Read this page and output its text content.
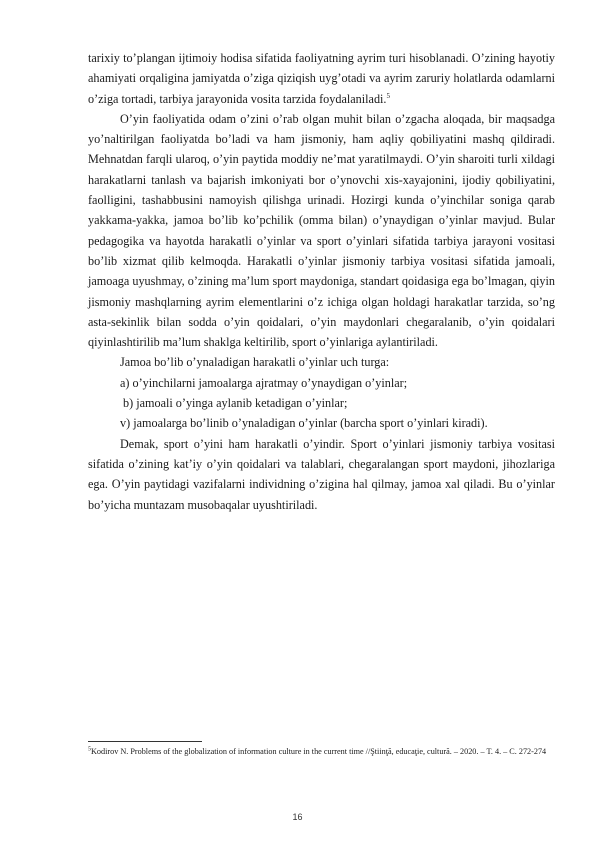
tarixiy to’plangan ijtimoiy hodisa sifatida faoliyatning ayrim turi hisoblanadi. O’zining hayotiy ahamiyati orqaligina jamiyatda o’ziga qiziqish uyg’otadi va ayrim zaruriy holatlarda odamlarni o’ziga tortadi, tarbiya jarayonida vosita tarzida foydalaniladi.$^5$

O’yin faoliyatida odam o’zini o’rab olgan muhit bilan o’zgacha aloqada, bir maqsadga yo’naltirilgan faoliyatda bo’ladi va ham jismoniy, ham aqliy qobiliyatini mashq qildiradi. Mehnatdan farqli ularoq, o’yin paytida moddiy ne’mat yaratilmaydi. O’yin sharoiti turli xildagi harakatlarni tanlash va bajarish imkoniyati bor o’ynovchi xis-xayajonini, ijodiy qobiliyatini, faolligini, tashabbusini namoyish qilishga urinadi. Hozirgi kunda o’yinchilar soniga qarab yakkama-yakka, jamoa bo’lib ko’pchilik (omma bilan) o’ynaydigan o’yinlar mavjud. Bular pedagogika va hayotda harakatli o’yinlar va sport o’yinlari sifatida tarbiya jarayoni vositasi bo’lib xizmat qilib kelmoqda. Harakatli o’yinlar jismoniy tarbiya vositasi sifatida jamoali, jamoaga uyushmay, o’zining ma’lum sport maydoniga, standart qoidasiga ega bo’lmagan, qiyin jismoniy mashqlarning ayrim elementlarini o’z ichiga olgan holdagi harakatlar tarzida, so’ng asta-sekinlik bilan sodda o’yin qoidalari, o’yin maydonlari chegaralanib, o’yin qoidalari qiyinlashtirilib ma’lum shaklga keltirilib, sport o’yinlariga aylantiriladi.

Jamoa bo’lib o’ynaladigan harakatli o’yinlar uch turga:

a) o’yinchilarni jamoalarga ajratmay o’ynaydigan o’yinlar;

b) jamoali o’yinga aylanib ketadigan o’yinlar;

v) jamoalarga bo’linib o’ynaladigan o’yinlar (barcha sport o’yinlari kiradi).

Demak, sport o’yini ham harakatli o’yindir. Sport o’yinlari jismoniy tarbiya vositasi sifatida o’zining kat’iy o’yin qoidalari va talablari, chegaralangan sport maydoni, jihozlariga ega. O’yin paytidagi vazifalarni individning o’zigina hal qilmay, jamoa xal qiladi. Bu o’yinlar bo’yicha muntazam musobaqalar uyushtiriladi.

$^5$Kodirov N. Problems of the globalization of information culture in the current time //Ştiinţă, educaţie, cultură. – 2020. – T. 4. – С. 272-274
16
